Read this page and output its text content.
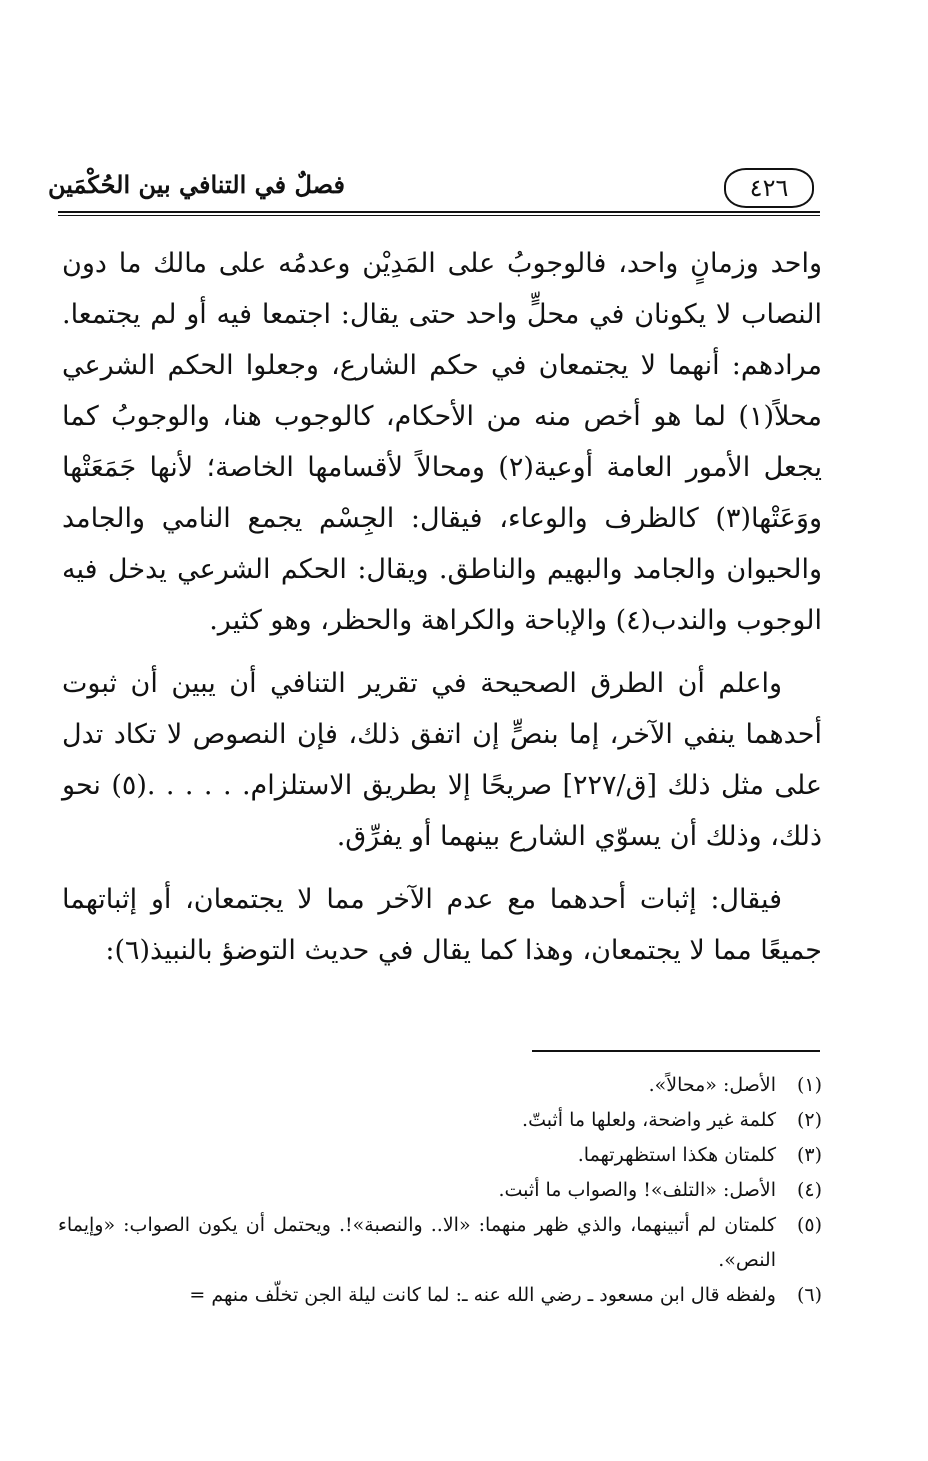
٤٢٦
فصلٌ في التنافي بين الحُكْمَين

واحد وزمانٍ واحد، فالوجوبُ على المَدِيْن وعدمُه على مالك ما دون النصاب لا يكونان في محلٍّ واحد حتى يقال: اجتمعا فيه أو لم يجتمعا. مرادهم: أنهما لا يجتمعان في حكم الشارع، وجعلوا الحكم الشرعي محلاً(١) لما هو أخص منه من الأحكام، كالوجوب هنا، والوجوبُ كما يجعل الأمور العامة أوعية(٢) ومحالاً لأقسامها الخاصة؛ لأنها جَمَعَتْها ووَعَتْها(٣) كالظرف والوعاء، فيقال: الجِسْم يجمع النامي والجامد والحيوان والجامد والبهيم والناطق. ويقال: الحكم الشرعي يدخل فيه الوجوب والندب(٤) والإباحة والكراهة والحظر، وهو كثير.

واعلم أن الطرق الصحيحة في تقرير التنافي أن يبين أن ثبوت أحدهما ينفي الآخر، إما بنصٍّ إن اتفق ذلك، فإن النصوص لا تكاد تدل على مثل ذلك [ق/٢٢٧] صريحًا إلا بطريق الاستلزام. . . . . .(٥) نحو ذلك، وذلك أن يسوّي الشارع بينهما أو يفرِّق.

فيقال: إثبات أحدهما مع عدم الآخر مما لا يجتمعان، أو إثباتهما جميعًا مما لا يجتمعان، وهذا كما يقال في حديث التوضؤ بالنبيذ(٦):

(١)
الأصل: «محالاً».
(٢)
كلمة غير واضحة، ولعلها ما أثبتّ.
(٣)
كلمتان هكذا استظهرتهما.
(٤)
الأصل: «التلف»! والصواب ما أثبت.
(٥)
كلمتان لم أتبينهما، والذي ظهر منهما: «الا.. والنصبة»!. ويحتمل أن يكون الصواب: «وإيماء النص».
(٦)
ولفظه قال ابن مسعود ـ رضي الله عنه ـ: لما كانت ليلة الجن تخلّف منهم =
